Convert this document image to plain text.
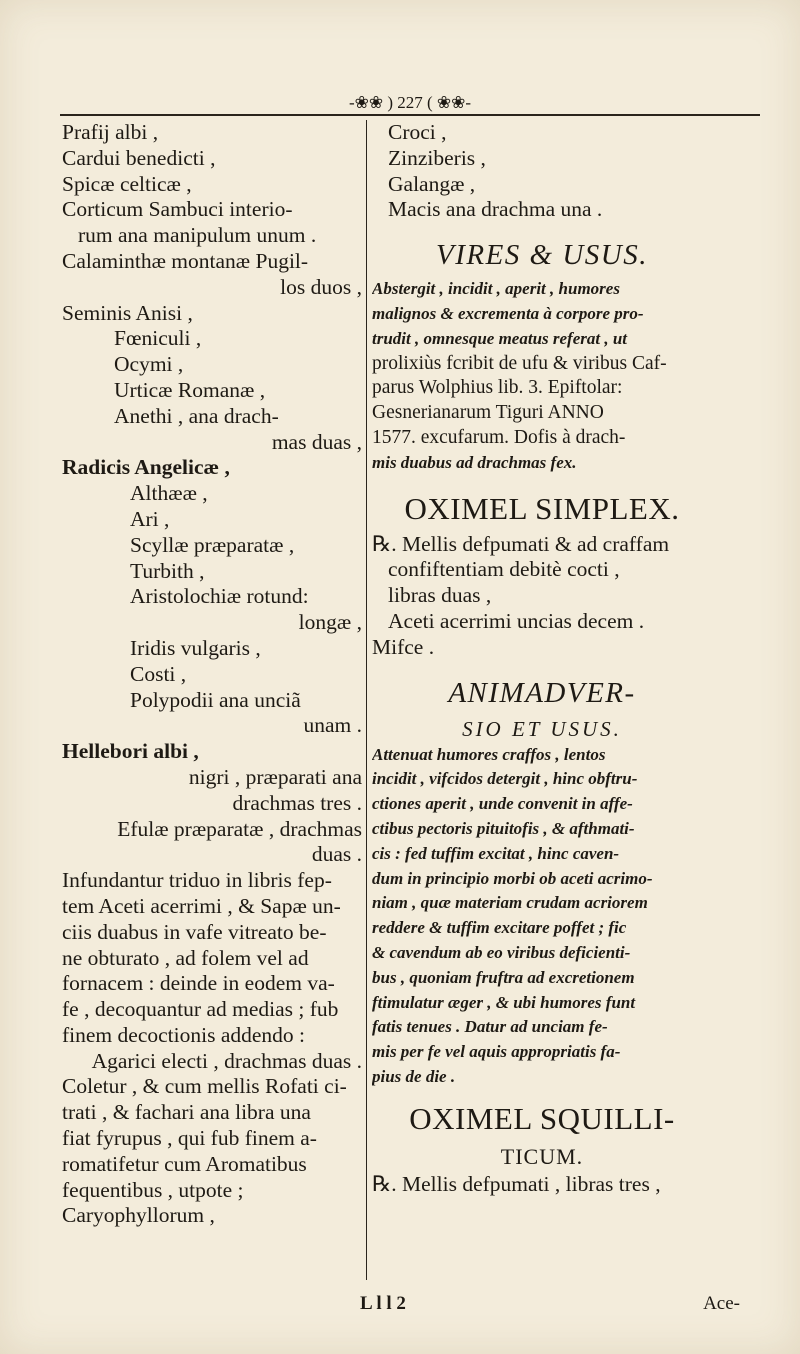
-❀❀ ) 227 ( ❀❀-
Prafij albi ,
Cardui benedicti ,
Spicæ celticæ ,
Corticum Sambuci interio-
rum ana manipulum unum .
Calaminthæ montanæ Pugil-
los duos ,
Seminis Anisi ,
Fœniculi ,
Ocymi ,
Urticæ Romanæ ,
Anethi , ana drach-
mas duas ,
Radicis Angelicæ ,
Althææ ,
Ari ,
Scyllæ præparatæ ,
Turbith ,
Aristolochiæ rotund:
longæ ,
Iridis vulgaris ,
Costi ,
Polypodii ana unciã
unam .
Hellebori albi ,
nigri , præparati ana
drachmas tres .
Efulæ præparatæ , drachmas
duas .
Infundantur triduo in libris fep-
tem Aceti acerrimi , & Sapæ un-
ciis duabus in vafe vitreato be-
ne obturato , ad folem vel ad
fornacem : deinde in eodem va-
fe , decoquantur ad medias ; fub
finem decoctionis addendo :
Agarici electi , drachmas duas .
Coletur , & cum mellis Rofati ci-
trati , & fachari ana libra una
fiat fyrupus , qui fub finem a-
romatifetur cum Aromatibus
fequentibus , utpote ;
Caryophyllorum ,
Croci ,
Zinziberis ,
Galangæ ,
Macis ana drachma una .
VIRES & USUS.
Abstergit , incidit , aperit , humores
malignos & excrementa à corpore pro-
trudit , omnesque meatus referat , ut
prolixiùs fcribit de ufu & viribus Caf-
parus Wolphius lib. 3. Epiftolar:
Gesnerianarum Tiguri ANNO
1577. excufarum. Dofis à drach-
mis duabus ad drachmas fex.
OXIMEL SIMPLEX.
℞. Mellis defpumati & ad craffam
confiftentiam debitè cocti ,
libras duas ,
Aceti acerrimi uncias decem .
Mifce .
ANIMADVER-
SIO ET USUS.
Attenuat humores craffos , lentos
incidit , vifcidos detergit , hinc obftru-
ctiones aperit , unde convenit in affe-
ctibus pectoris pituitofis , & afthmati-
cis : fed tuffim excitat , hinc caven-
dum in principio morbi ob aceti acrimo-
niam , quæ materiam crudam acriorem
reddere & tuffim excitare poffet ; fic
& cavendum ab eo viribus deficienti-
bus , quoniam fruftra ad excretionem
ftimulatur æger , & ubi humores funt
fatis tenues . Datur ad unciam fe-
mis per fe vel aquis appropriatis fa-
pius de die .
OXIMEL SQUILLI-
TICUM.
℞. Mellis defpumati , libras tres ,
L l l 2	Ace-
